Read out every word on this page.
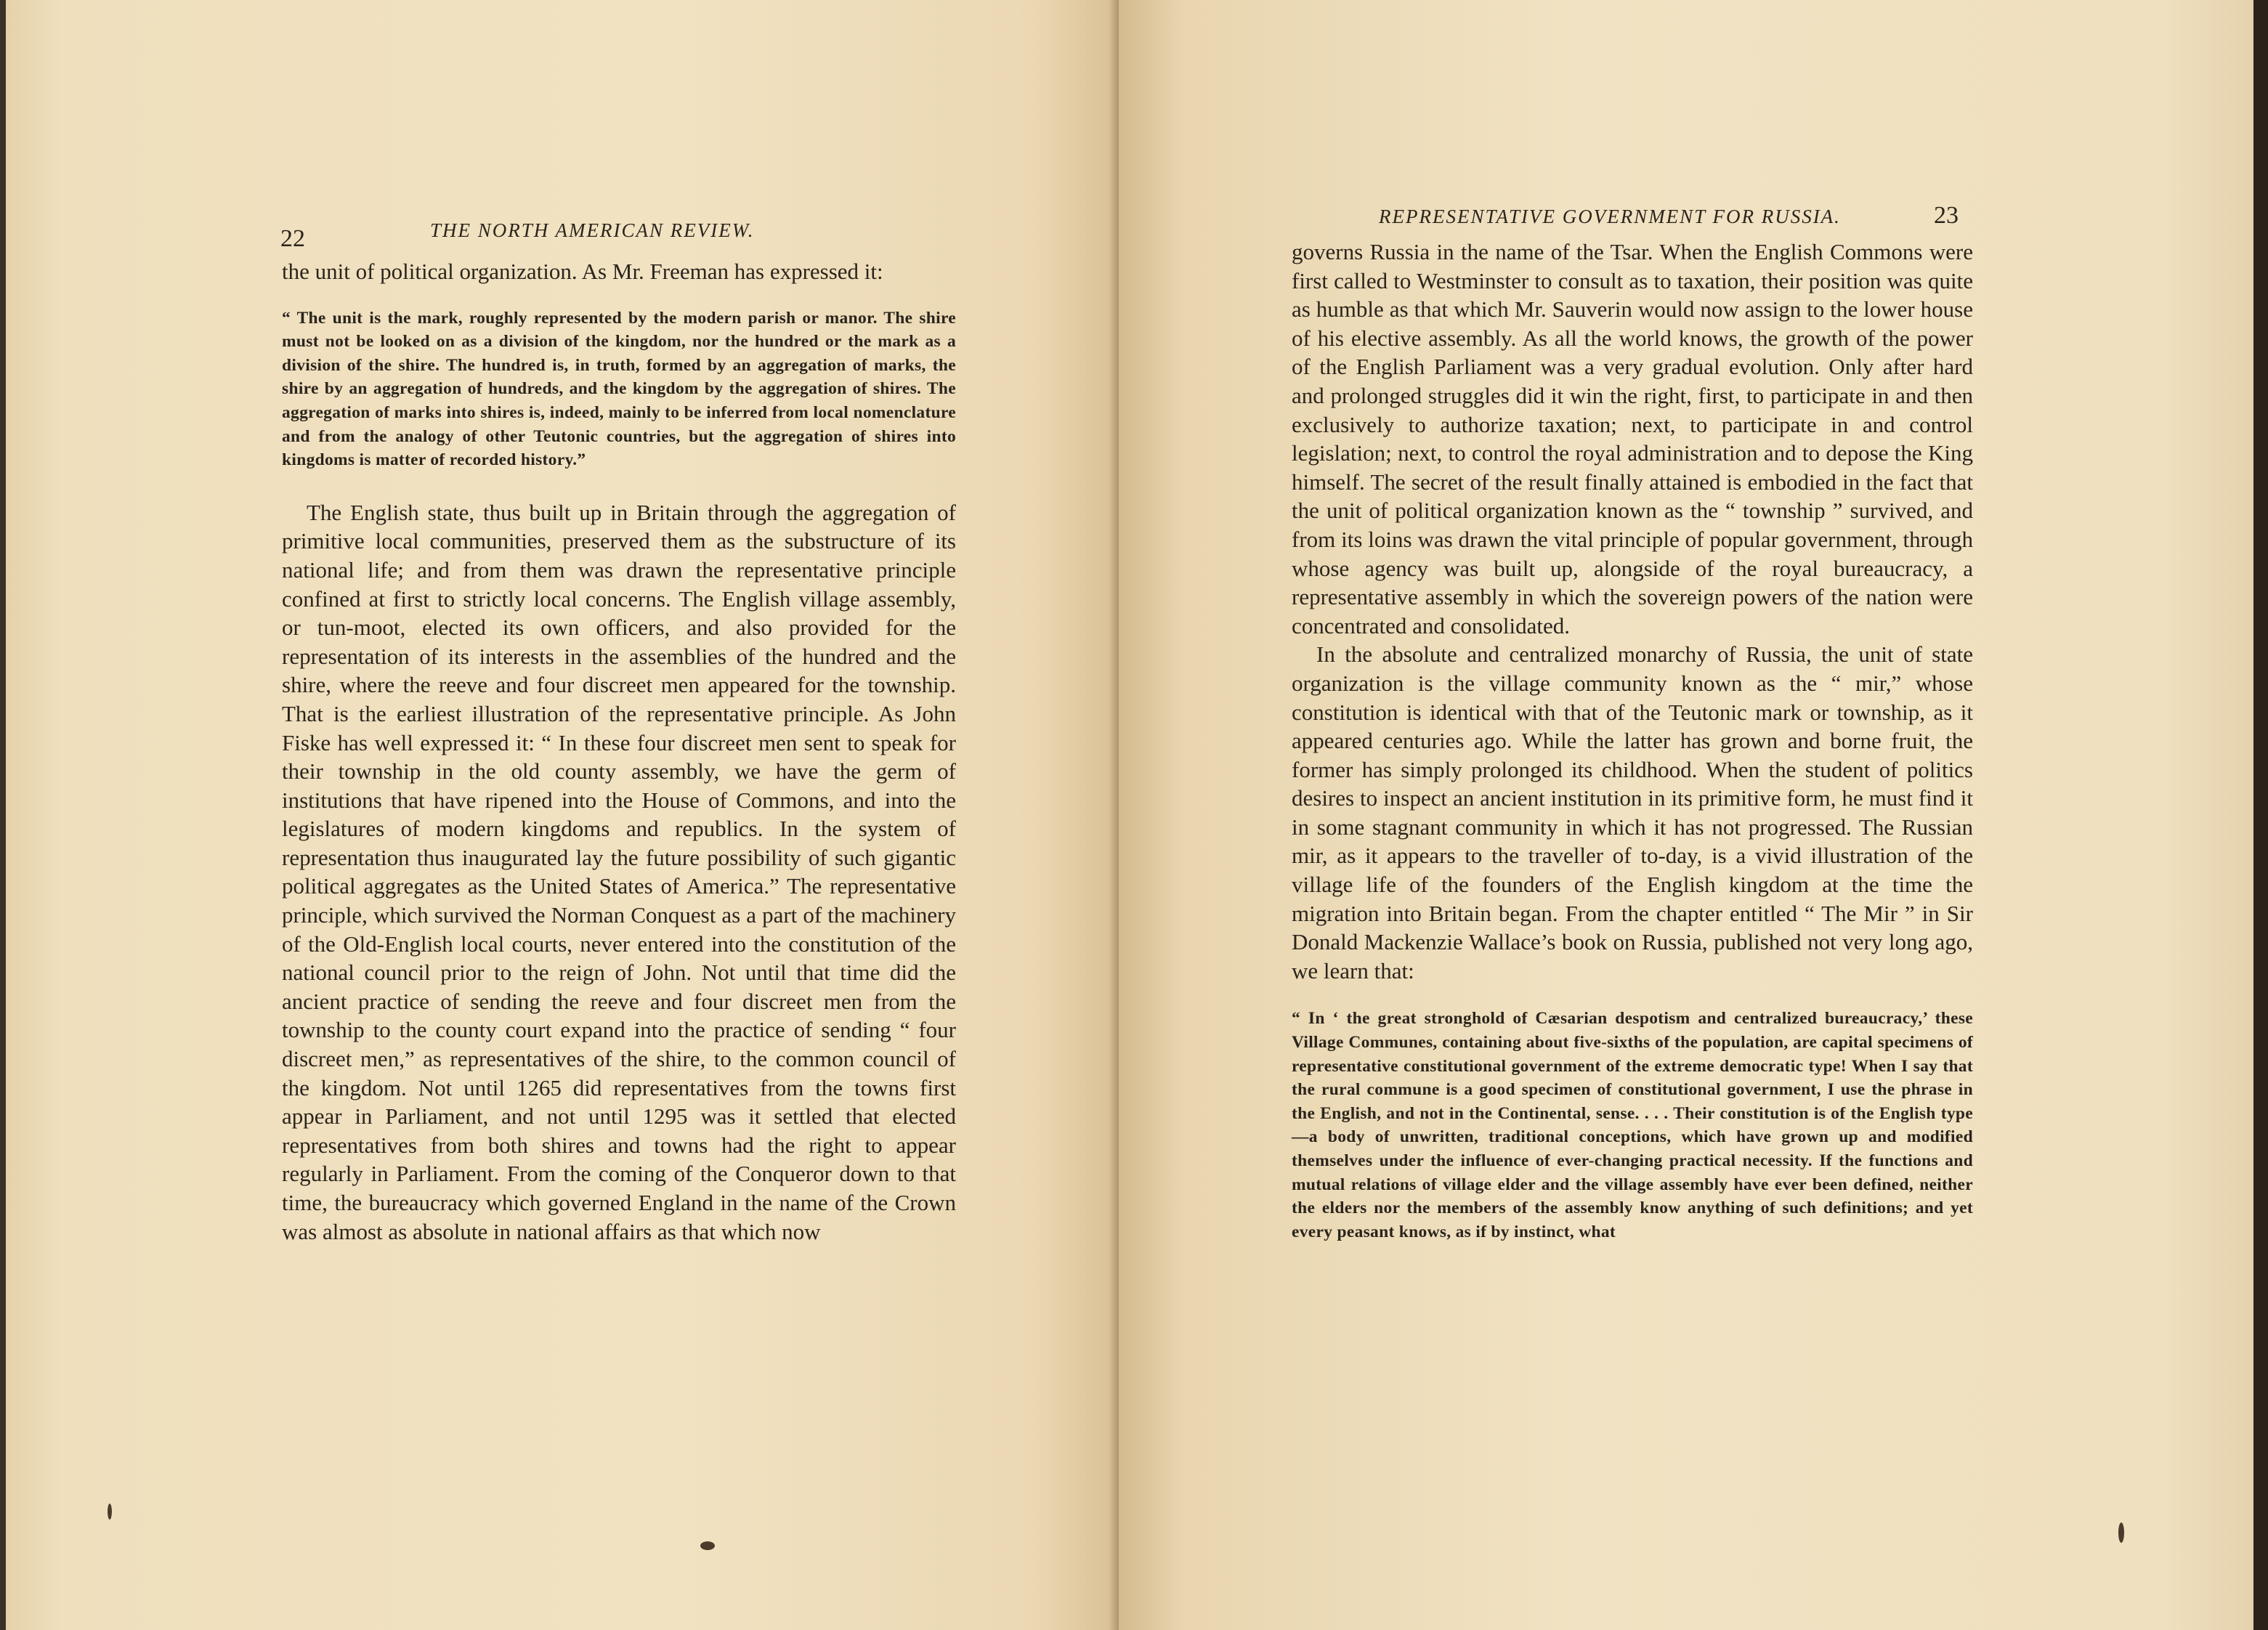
22	THE NORTH AMERICAN REVIEW.

the unit of political organization. As Mr. Freeman has expressed it:

“ The unit is the mark, roughly represented by the modern parish or manor. The shire must not be looked on as a division of the kingdom, nor the hundred or the mark as a division of the shire. The hundred is, in truth, formed by an aggregation of marks, the shire by an aggregation of hundreds, and the kingdom by the aggregation of shires. The aggregation of marks into shires is, indeed, mainly to be inferred from local nomenclature and from the analogy of other Teutonic countries, but the aggregation of shires into kingdoms is matter of recorded history.”

The English state, thus built up in Britain through the aggregation of primitive local communities, preserved them as the substructure of its national life; and from them was drawn the representative principle confined at first to strictly local concerns. The English village assembly, or tun-moot, elected its own officers, and also provided for the representation of its interests in the assemblies of the hundred and the shire, where the reeve and four discreet men appeared for the township. That is the earliest illustration of the representative principle. As John Fiske has well expressed it: “ In these four discreet men sent to speak for their township in the old county assembly, we have the germ of institutions that have ripened into the House of Commons, and into the legislatures of modern kingdoms and republics. In the system of representation thus inaugurated lay the future possibility of such gigantic political aggregates as the United States of America.” The representative principle, which survived the Norman Conquest as a part of the machinery of the Old-English local courts, never entered into the constitution of the national council prior to the reign of John. Not until that time did the ancient practice of sending the reeve and four discreet men from the township to the county court expand into the practice of sending “ four discreet men,” as representatives of the shire, to the common council of the kingdom. Not until 1265 did representatives from the towns first appear in Parliament, and not until 1295 was it settled that elected representatives from both shires and towns had the right to appear regularly in Parliament. From the coming of the Conqueror down to that time, the bureaucracy which governed England in the name of the Crown was almost as absolute in national affairs as that which now

REPRESENTATIVE GOVERNMENT FOR RUSSIA.	23

governs Russia in the name of the Tsar. When the English Commons were first called to Westminster to consult as to taxation, their position was quite as humble as that which Mr. Sauverin would now assign to the lower house of his elective assembly. As all the world knows, the growth of the power of the English Parliament was a very gradual evolution. Only after hard and prolonged struggles did it win the right, first, to participate in and then exclusively to authorize taxation; next, to participate in and control legislation; next, to control the royal administration and to depose the King himself. The secret of the result finally attained is embodied in the fact that the unit of political organization known as the “ township ” survived, and from its loins was drawn the vital principle of popular government, through whose agency was built up, alongside of the royal bureaucracy, a representative assembly in which the sovereign powers of the nation were concentrated and consolidated.

In the absolute and centralized monarchy of Russia, the unit of state organization is the village community known as the “ mir,” whose constitution is identical with that of the Teutonic mark or township, as it appeared centuries ago. While the latter has grown and borne fruit, the former has simply prolonged its childhood. When the student of politics desires to inspect an ancient institution in its primitive form, he must find it in some stagnant community in which it has not progressed. The Russian mir, as it appears to the traveller of to-day, is a vivid illustration of the village life of the founders of the English kingdom at the time the migration into Britain began. From the chapter entitled “ The Mir ” in Sir Donald Mackenzie Wallace’s book on Russia, published not very long ago, we learn that:

“ In ‘ the great stronghold of Cæsarian despotism and centralized bureaucracy,’ these Village Communes, containing about five-sixths of the population, are capital specimens of representative constitutional government of the extreme democratic type! When I say that the rural commune is a good specimen of constitutional government, I use the phrase in the English, and not in the Continental, sense. . . . Their constitution is of the English type—a body of unwritten, traditional conceptions, which have grown up and modified themselves under the influence of ever-changing practical necessity. If the functions and mutual relations of village elder and the village assembly have ever been defined, neither the elders nor the members of the assembly know anything of such definitions; and yet every peasant knows, as if by instinct, what
